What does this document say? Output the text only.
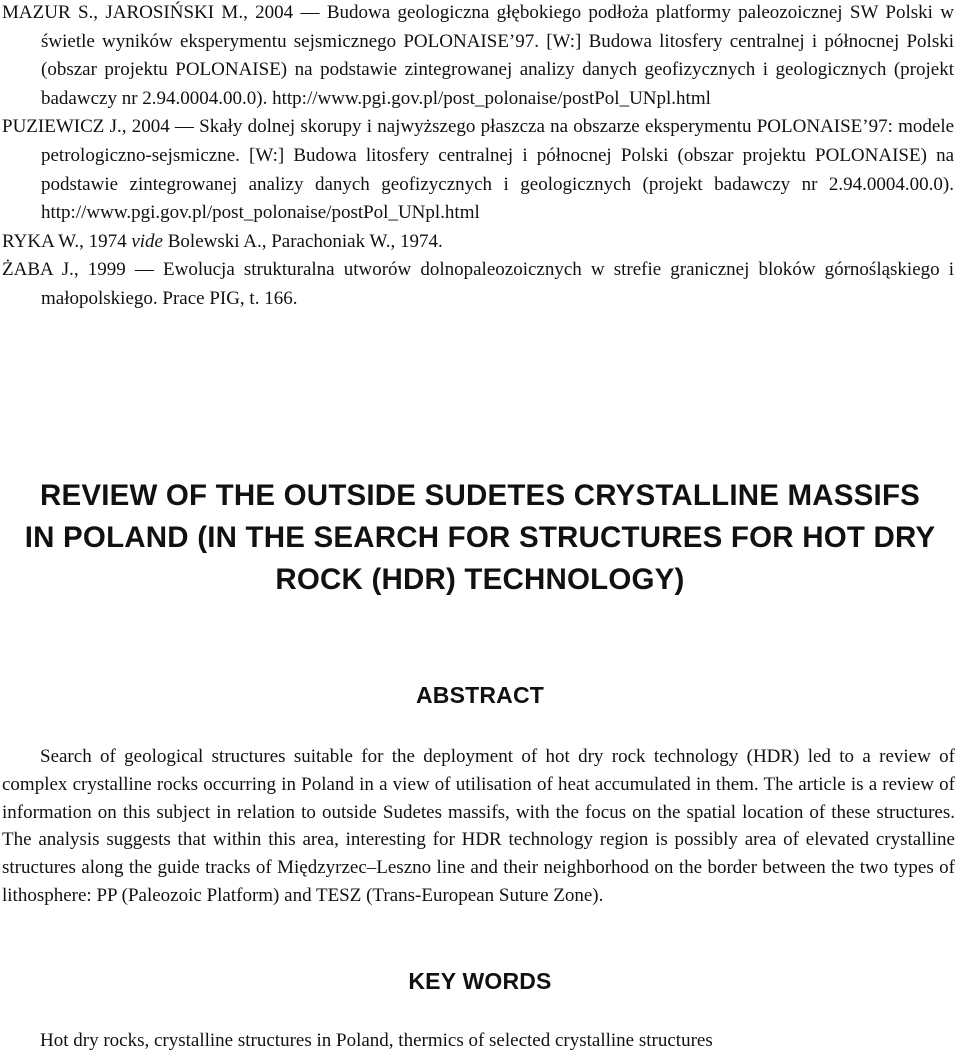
MAZUR S., JAROSIŃSKI M., 2004 — Budowa geologiczna głębokiego podłoża platformy paleozoicznej SW Polski w świetle wyników eksperymentu sejsmicznego POLONAISE’97. [W:] Budowa litosfery centralnej i północnej Polski (obszar projektu POLONAISE) na podstawie zintegrowanej analizy danych geofizycznych i geologicznych (projekt badawczy nr 2.94.0004.00.0). http://www.pgi.gov.pl/post_polonaise/postPol_UNpl.html

PUZIEWICZ J., 2004 — Skały dolnej skorupy i najwyższego płaszcza na obszarze eksperymentu POLONAISE’97: modele petrologiczno-sejsmiczne. [W:] Budowa litosfery centralnej i północnej Polski (obszar projektu POLONAISE) na podstawie zintegrowanej analizy danych geofizycznych i geologicznych (projekt badawczy nr 2.94.0004.00.0). http://www.pgi.gov.pl/post_polonaise/postPol_UNpl.html

RYKA W., 1974 vide Bolewski A., Parachoniak W., 1974.

ŻABA J., 1999 — Ewolucja strukturalna utworów dolnopaleozoicznych w strefie granicznej bloków górnośląskiego i małopolskiego. Prace PIG, t. 166.

REVIEW OF THE OUTSIDE SUDETES CRYSTALLINE MASSIFS
IN POLAND (IN THE SEARCH FOR STRUCTURES FOR HOT DRY
ROCK (HDR) TECHNOLOGY)
ABSTRACT

Search of geological structures suitable for the deployment of hot dry rock technology (HDR) led to a review of complex crystalline rocks occurring in Poland in a view of utilisation of heat accumulated in them. The article is a review of information on this subject in relation to outside Sudetes massifs, with the focus on the spatial location of these structures. The analysis suggests that within this area, interesting for HDR technology region is possibly area of elevated crystalline structures along the guide tracks of Międzyrzec–Leszno line and their neighborhood on the border between the two types of lithosphere: PP (Paleozoic Platform) and TESZ (Trans-European Suture Zone).

KEY WORDS

Hot dry rocks, crystalline structures in Poland, thermics of selected crystalline structures
